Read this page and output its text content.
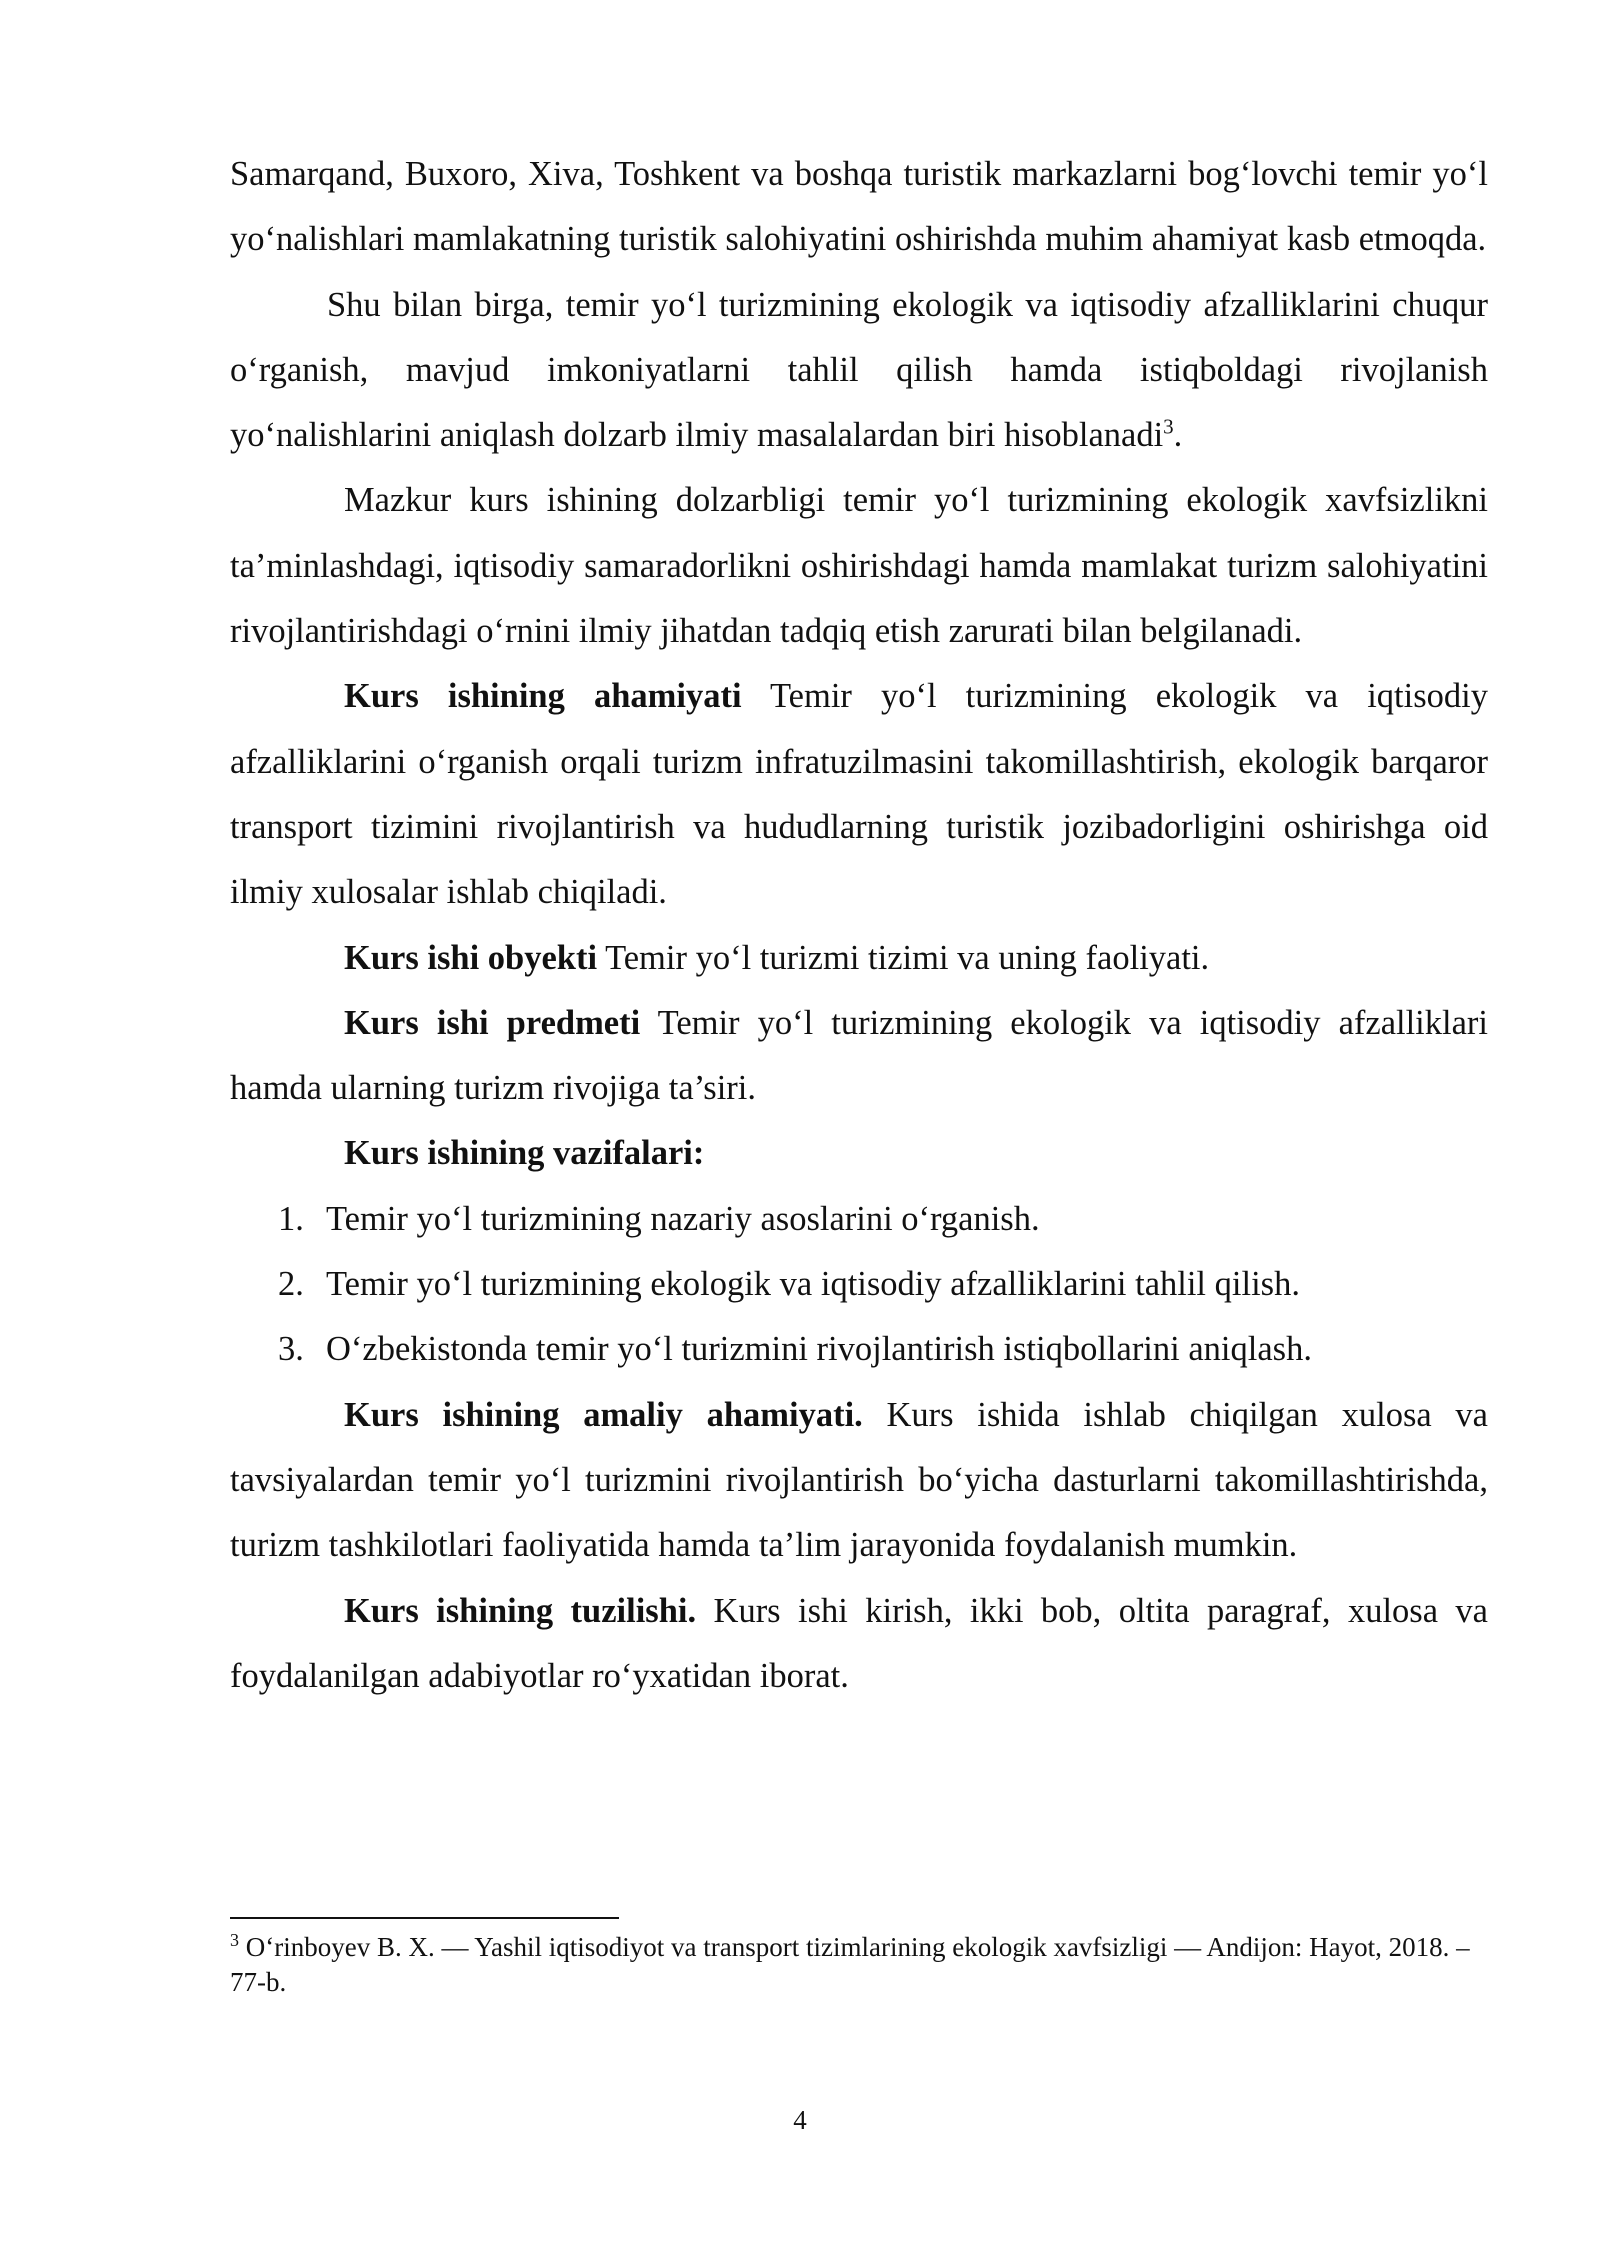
Samarqand, Buxoro, Xiva, Toshkent va boshqa turistik markazlarni bog‘lovchi temir yo‘l yo‘nalishlari mamlakatning turistik salohiyatini oshirishda muhim ahamiyat kasb etmoqda.

Shu bilan birga, temir yo‘l turizmining ekologik va iqtisodiy afzalliklarini chuqur o‘rganish, mavjud imkoniyatlarni tahlil qilish hamda istiqboldagi rivojlanish yo‘nalishlarini aniqlash dolzarb ilmiy masalalardan biri hisoblanadi$^3$.

Mazkur kurs ishining dolzarbligi temir yo‘l turizmining ekologik xavfsizlikni ta’minlashdagi, iqtisodiy samaradorlikni oshirishdagi hamda mamlakat turizm salohiyatini rivojlantirishdagi o‘rnini ilmiy jihatdan tadqiq etish zarurati bilan belgilanadi.

Kurs ishining ahamiyati Temir yo‘l turizmining ekologik va iqtisodiy afzalliklarini o‘rganish orqali turizm infratuzilmasini takomillashtirish, ekologik barqaror transport tizimini rivojlantirish va hududlarning turistik jozibadorligini oshirishga oid ilmiy xulosalar ishlab chiqiladi.

Kurs ishi obyekti Temir yo‘l turizmi tizimi va uning faoliyati.

Kurs ishi predmeti Temir yo‘l turizmining ekologik va iqtisodiy afzalliklari hamda ularning turizm rivojiga ta’siri.

Kurs ishining vazifalari:

1. Temir yo‘l turizmining nazariy asoslarini o‘rganish.
2. Temir yo‘l turizmining ekologik va iqtisodiy afzalliklarini tahlil qilish.
3. O‘zbekistonda temir yo‘l turizmini rivojlantirish istiqbollarini aniqlash.

Kurs ishining amaliy ahamiyati. Kurs ishida ishlab chiqilgan xulosa va tavsiyalardan temir yo‘l turizmini rivojlantirish bo‘yicha dasturlarni takomillashtirishda, turizm tashkilotlari faoliyatida hamda ta’lim jarayonida foydalanish mumkin.

Kurs ishining tuzilishi. Kurs ishi kirish, ikki bob, oltita paragraf, xulosa va foydalanilgan adabiyotlar ro‘yxatidan iborat.

$^3$ O‘rinboyev B. X. — Yashil iqtisodiyot va transport tizimlarining ekologik xavfsizligi — Andijon: Hayot, 2018. – 77-b.
4
